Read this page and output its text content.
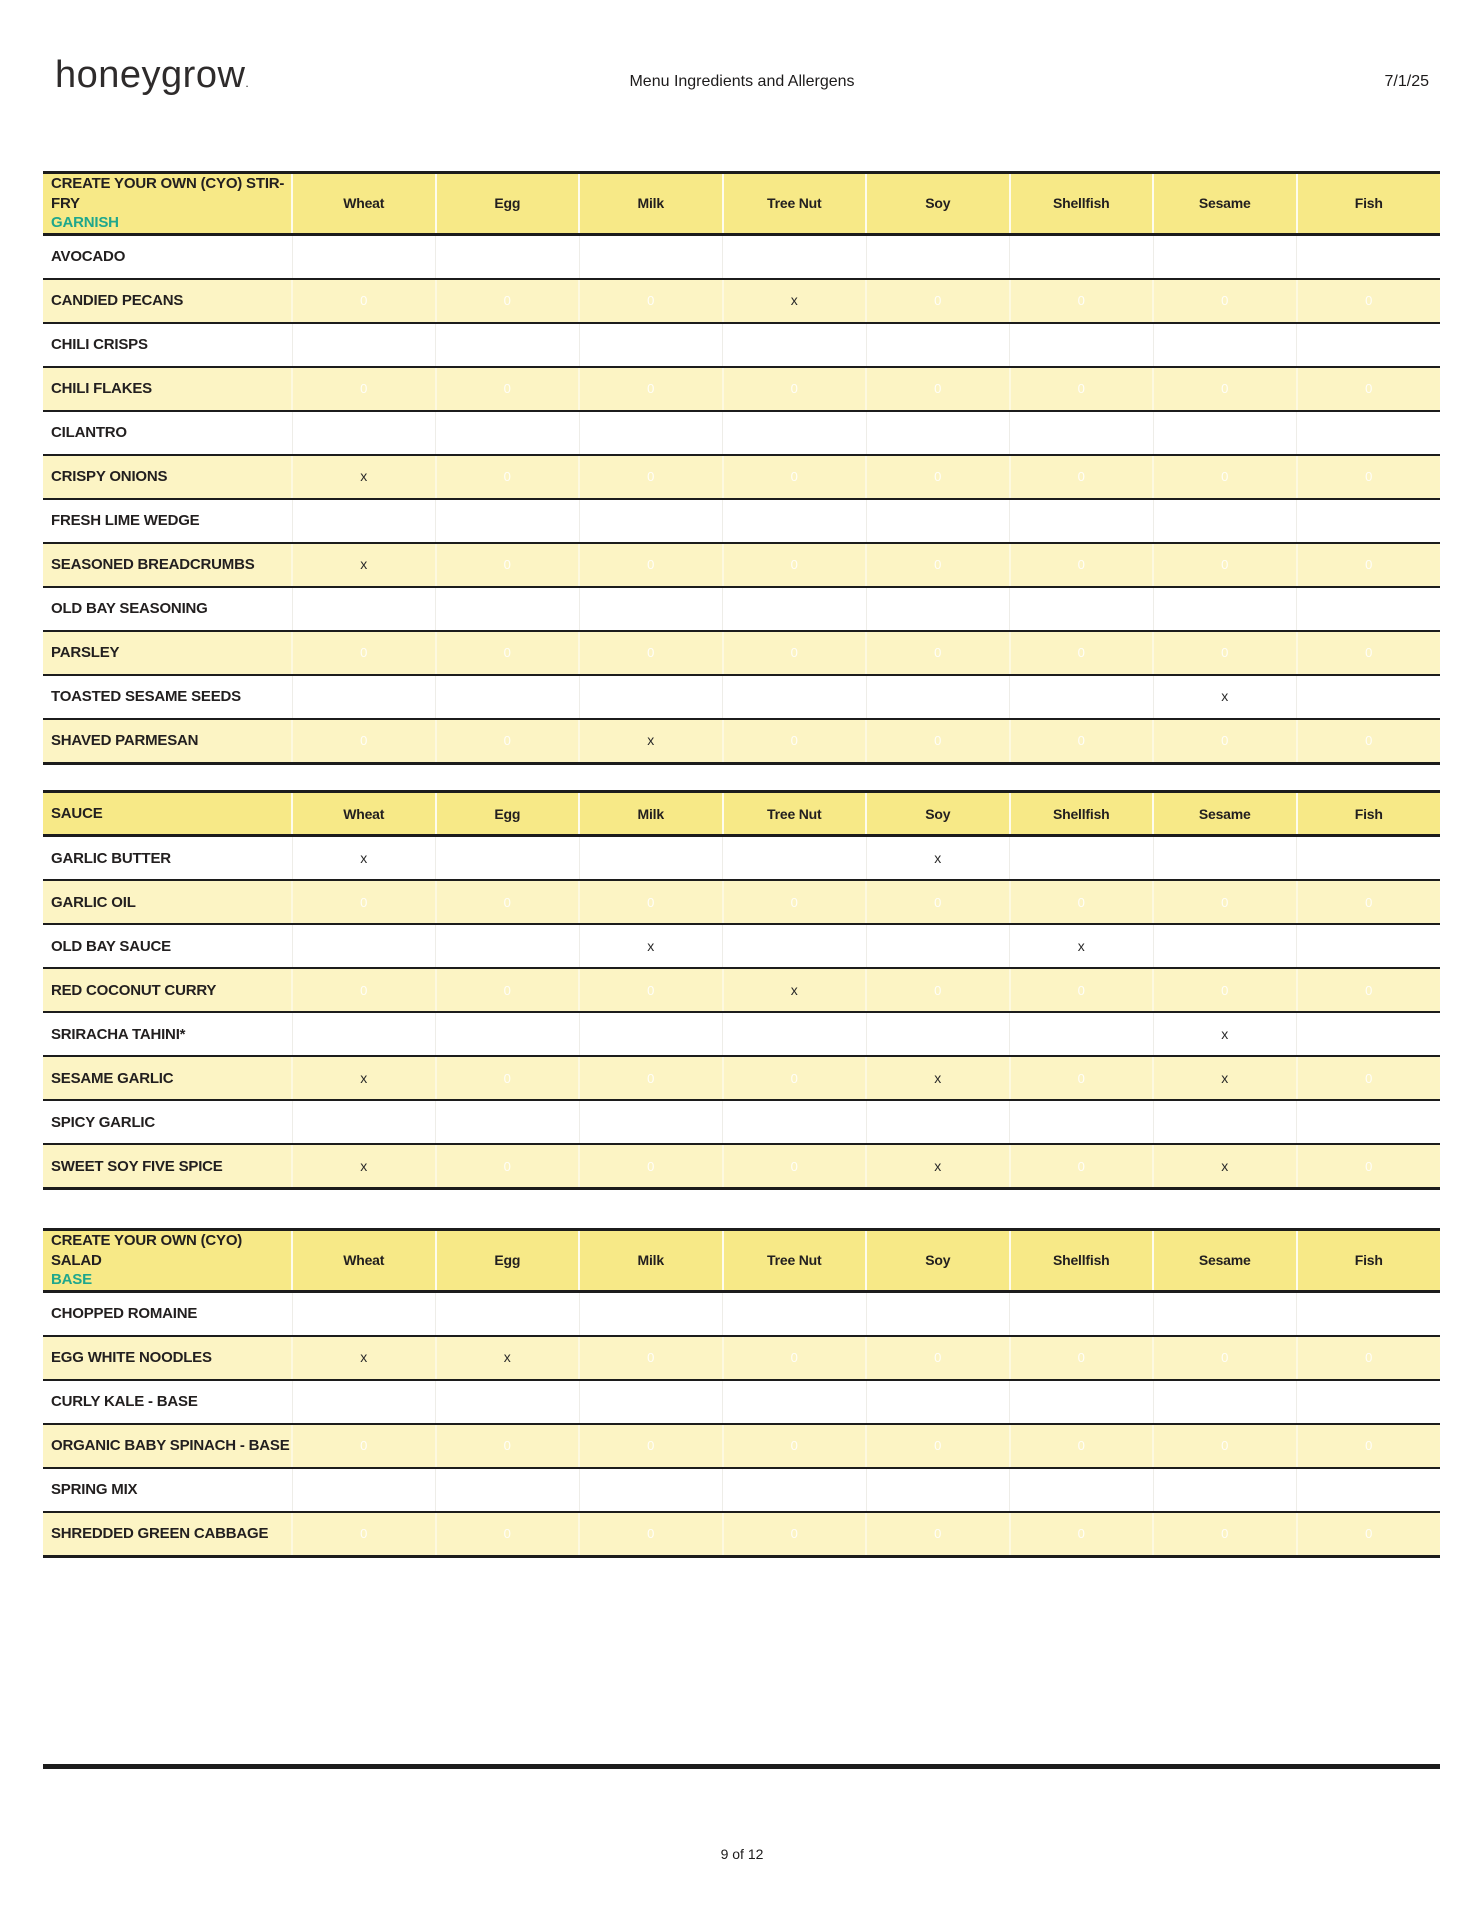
honeygrow.	Menu Ingredients and Allergens	7/1/25
CREATE YOUR OWN (CYO) STIR-FRY
GARNISH	Wheat	Egg	Milk	Tree Nut	Soy	Shellfish	Sesame	Fish
AVOCADO	0	0	0	0	0	0	0	0
CANDIED PECANS	0	0	0	x	0	0	0	0
CHILI CRISPS	0	0	0	0	0	0	0	0
CHILI FLAKES	0	0	0	0	0	0	0	0
CILANTRO	0	0	0	0	0	0	0	0
CRISPY ONIONS	x	0	0	0	0	0	0	0
FRESH LIME WEDGE	0	0	0	0	0	0	0	0
SEASONED BREADCRUMBS	x	0	0	0	0	0	0	0
OLD BAY SEASONING	0	0	0	0	0	0	0	0
PARSLEY	0	0	0	0	0	0	0	0
TOASTED SESAME SEEDS	0	0	0	0	0	0	x	0
SHAVED PARMESAN	0	0	x	0	0	0	0	0
SAUCE	Wheat	Egg	Milk	Tree Nut	Soy	Shellfish	Sesame	Fish
GARLIC BUTTER	x	0	0	0	x	0	0	0
GARLIC OIL	0	0	0	0	0	0	0	0
OLD BAY SAUCE	0	0	x	0	0	x	0	0
RED COCONUT CURRY	0	0	0	x	0	0	0	0
SRIRACHA TAHINI*	0	0	0	0	0	0	x	0
SESAME GARLIC	x	0	0	0	x	0	x	0
SPICY GARLIC	0	0	0	0	0	0	0	0
SWEET SOY FIVE SPICE	x	0	0	0	x	0	x	0
CREATE YOUR OWN (CYO) SALAD
BASE	Wheat	Egg	Milk	Tree Nut	Soy	Shellfish	Sesame	Fish
CHOPPED ROMAINE	0	0	0	0	0	0	0	0
EGG WHITE NOODLES	x	x	0	0	0	0	0	0
CURLY KALE - BASE	0	0	0	0	0	0	0	0
ORGANIC BABY SPINACH - BASE	0	0	0	0	0	0	0	0
SPRING MIX	0	0	0	0	0	0	0	0
SHREDDED GREEN CABBAGE	0	0	0	0	0	0	0	0
9 of 12
